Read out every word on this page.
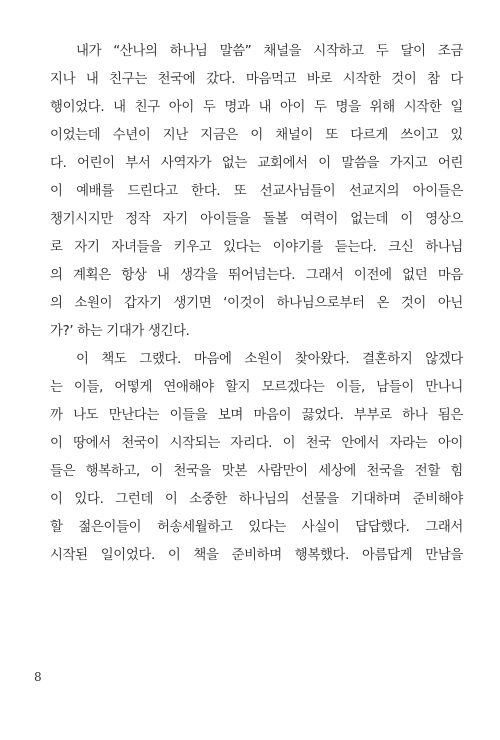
내가 “산나의 하나님 말씀” 채널을 시작하고 두 달이 조금
지나 내 친구는 천국에 갔다. 마음먹고 바로 시작한 것이 참 다
행이었다. 내 친구 아이 두 명과 내 아이 두 명을 위해 시작한 일
이었는데 수년이 지난 지금은 이 채널이 또 다르게 쓰이고 있
다. 어린이 부서 사역자가 없는 교회에서 이 말씀을 가지고 어린
이 예배를 드린다고 한다. 또 선교사님들이 선교지의 아이들은
챙기시지만 정작 자기 아이들을 돌볼 여력이 없는데 이 영상으
로 자기 자녀들을 키우고 있다는 이야기를 듣는다. 크신 하나님
의 계획은 항상 내 생각을 뛰어넘는다. 그래서 이전에 없던 마음
의 소원이 갑자기 생기면 ‘이것이 하나님으로부터 온 것이 아닌
가?’ 하는 기대가 생긴다.

이 책도 그랬다. 마음에 소원이 찾아왔다. 결혼하지 않겠다
는 이들, 어떻게 연애해야 할지 모르겠다는 이들, 남들이 만나니
까 나도 만난다는 이들을 보며 마음이 끓었다. 부부로 하나 됨은
이 땅에서 천국이 시작되는 자리다. 이 천국 안에서 자라는 아이
들은 행복하고, 이 천국을 맛본 사람만이 세상에 천국을 전할 힘
이 있다. 그런데 이 소중한 하나님의 선물을 기대하며 준비해야
할 젊은이들이 허송세월하고 있다는 사실이 답답했다. 그래서
시작된 일이었다. 이 책을 준비하며 행복했다. 아름답게 만남을

8
